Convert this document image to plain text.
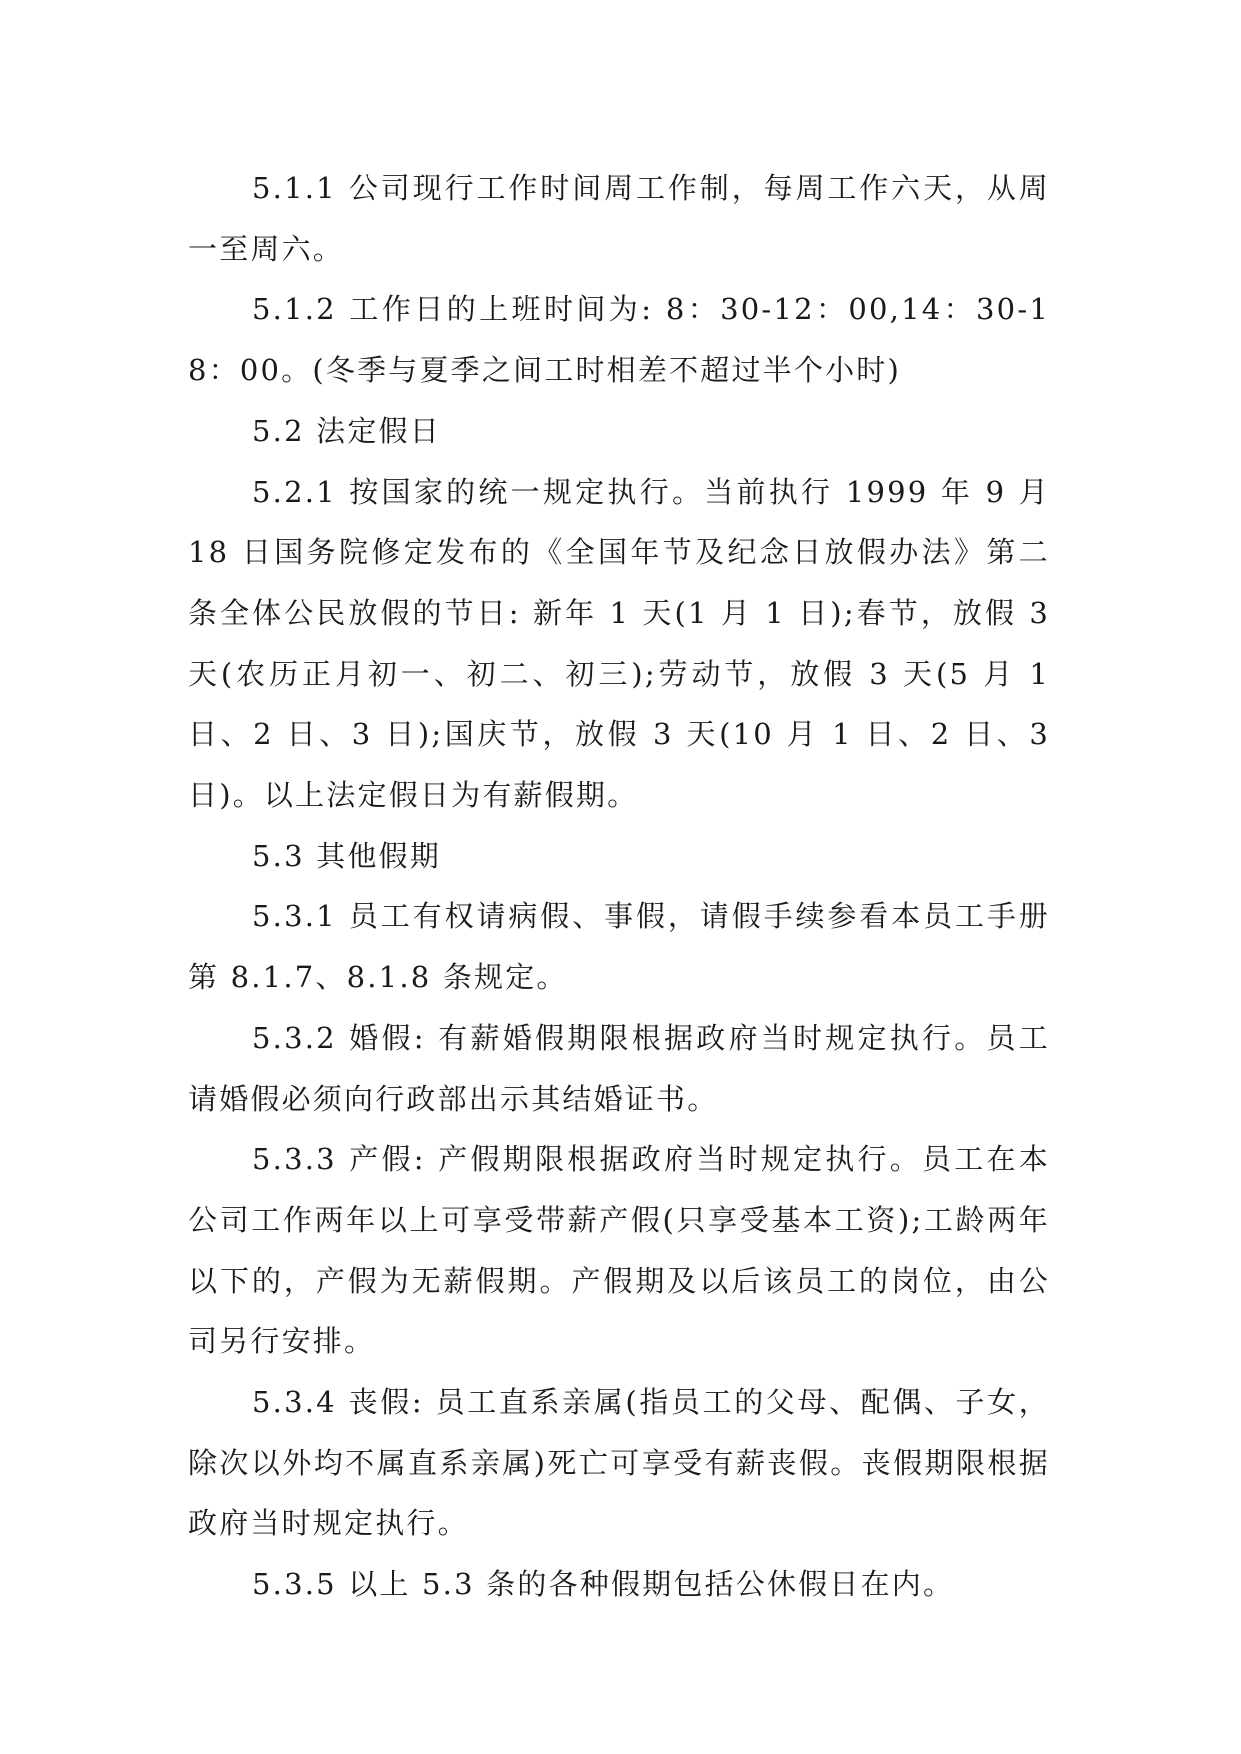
5.1.1 公司现行工作时间周工作制，每周工作六天，从周一至周六。

5.1.2 工作日的上班时间为: 8：30-12：00,14：30-18：00。(冬季与夏季之间工时相差不超过半个小时)

5.2 法定假日

5.2.1 按国家的统一规定执行。当前执行 1999 年 9 月 18 日国务院修定发布的《全国年节及纪念日放假办法》第二条全体公民放假的节日: 新年 1 天(1 月 1 日);春节，放假 3 天(农历正月初一、初二、初三);劳动节，放假 3 天(5 月 1 日、2 日、3 日);国庆节，放假 3 天(10 月 1 日、2 日、3 日)。以上法定假日为有薪假期。

5.3 其他假期

5.3.1 员工有权请病假、事假，请假手续参看本员工手册第 8.1.7、8.1.8 条规定。

5.3.2 婚假: 有薪婚假期限根据政府当时规定执行。员工请婚假必须向行政部出示其结婚证书。

5.3.3 产假: 产假期限根据政府当时规定执行。员工在本公司工作两年以上可享受带薪产假(只享受基本工资);工龄两年以下的，产假为无薪假期。产假期及以后该员工的岗位，由公司另行安排。

5.3.4 丧假: 员工直系亲属(指员工的父母、配偶、子女，除次以外均不属直系亲属)死亡可享受有薪丧假。丧假期限根据政府当时规定执行。

5.3.5 以上 5.3 条的各种假期包括公休假日在内。
